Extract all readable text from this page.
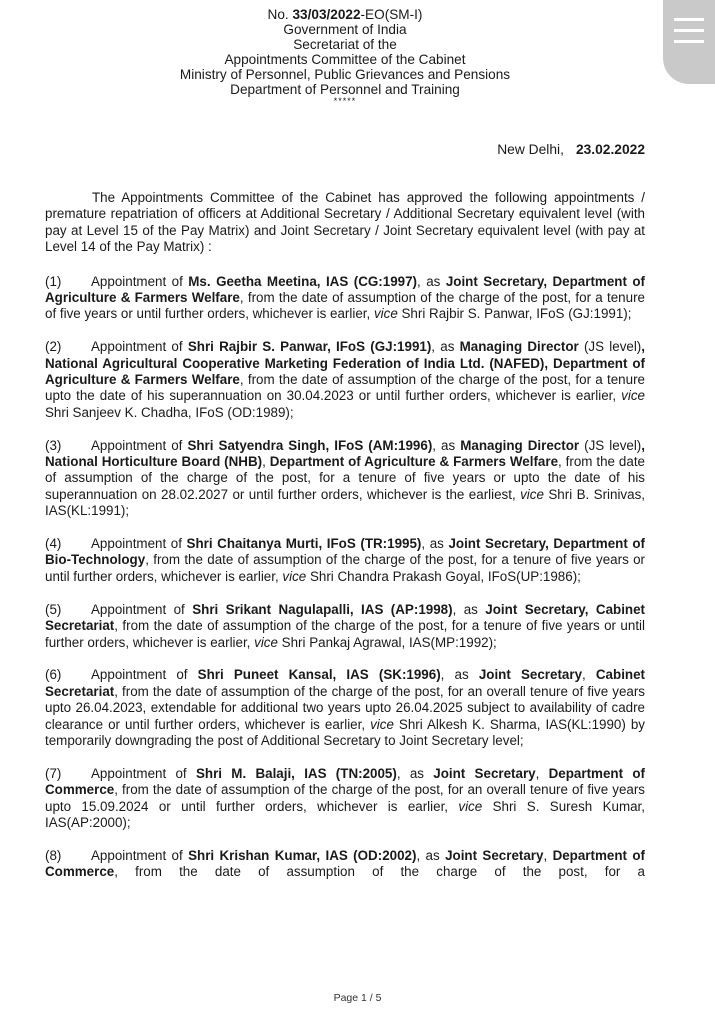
No. 33/03/2022-EO(SM-I)
Government of India
Secretariat of the
Appointments Committee of the Cabinet
Ministry of Personnel, Public Grievances and Pensions
Department of Personnel and Training
*****
New Delhi, 23.02.2022
The Appointments Committee of the Cabinet has approved the following appointments / premature repatriation of officers at Additional Secretary / Additional Secretary equivalent level (with pay at Level 15 of the Pay Matrix) and Joint Secretary / Joint Secretary equivalent level (with pay at Level 14 of the Pay Matrix) :
(1) Appointment of Ms. Geetha Meetina, IAS (CG:1997), as Joint Secretary, Department of Agriculture & Farmers Welfare, from the date of assumption of the charge of the post, for a tenure of five years or until further orders, whichever is earlier, vice Shri Rajbir S. Panwar, IFoS (GJ:1991);
(2) Appointment of Shri Rajbir S. Panwar, IFoS (GJ:1991), as Managing Director (JS level), National Agricultural Cooperative Marketing Federation of India Ltd. (NAFED), Department of Agriculture & Farmers Welfare, from the date of assumption of the charge of the post, for a tenure upto the date of his superannuation on 30.04.2023 or until further orders, whichever is earlier, vice Shri Sanjeev K. Chadha, IFoS (OD:1989);
(3) Appointment of Shri Satyendra Singh, IFoS (AM:1996), as Managing Director (JS level), National Horticulture Board (NHB), Department of Agriculture & Farmers Welfare, from the date of assumption of the charge of the post, for a tenure of five years or upto the date of his superannuation on 28.02.2027 or until further orders, whichever is the earliest, vice Shri B. Srinivas, IAS(KL:1991);
(4) Appointment of Shri Chaitanya Murti, IFoS (TR:1995), as Joint Secretary, Department of Bio-Technology, from the date of assumption of the charge of the post, for a tenure of five years or until further orders, whichever is earlier, vice Shri Chandra Prakash Goyal, IFoS(UP:1986);
(5) Appointment of Shri Srikant Nagulapalli, IAS (AP:1998), as Joint Secretary, Cabinet Secretariat, from the date of assumption of the charge of the post, for a tenure of five years or until further orders, whichever is earlier, vice Shri Pankaj Agrawal, IAS(MP:1992);
(6) Appointment of Shri Puneet Kansal, IAS (SK:1996), as Joint Secretary, Cabinet Secretariat, from the date of assumption of the charge of the post, for an overall tenure of five years upto 26.04.2023, extendable for additional two years upto 26.04.2025 subject to availability of cadre clearance or until further orders, whichever is earlier, vice Shri Alkesh K. Sharma, IAS(KL:1990) by temporarily downgrading the post of Additional Secretary to Joint Secretary level;
(7) Appointment of Shri M. Balaji, IAS (TN:2005), as Joint Secretary, Department of Commerce, from the date of assumption of the charge of the post, for an overall tenure of five years upto 15.09.2024 or until further orders, whichever is earlier, vice Shri S. Suresh Kumar, IAS(AP:2000);
(8) Appointment of Shri Krishan Kumar, IAS (OD:2002), as Joint Secretary, Department of Commerce, from the date of assumption of the charge of the post, for a
Page 1 / 5
